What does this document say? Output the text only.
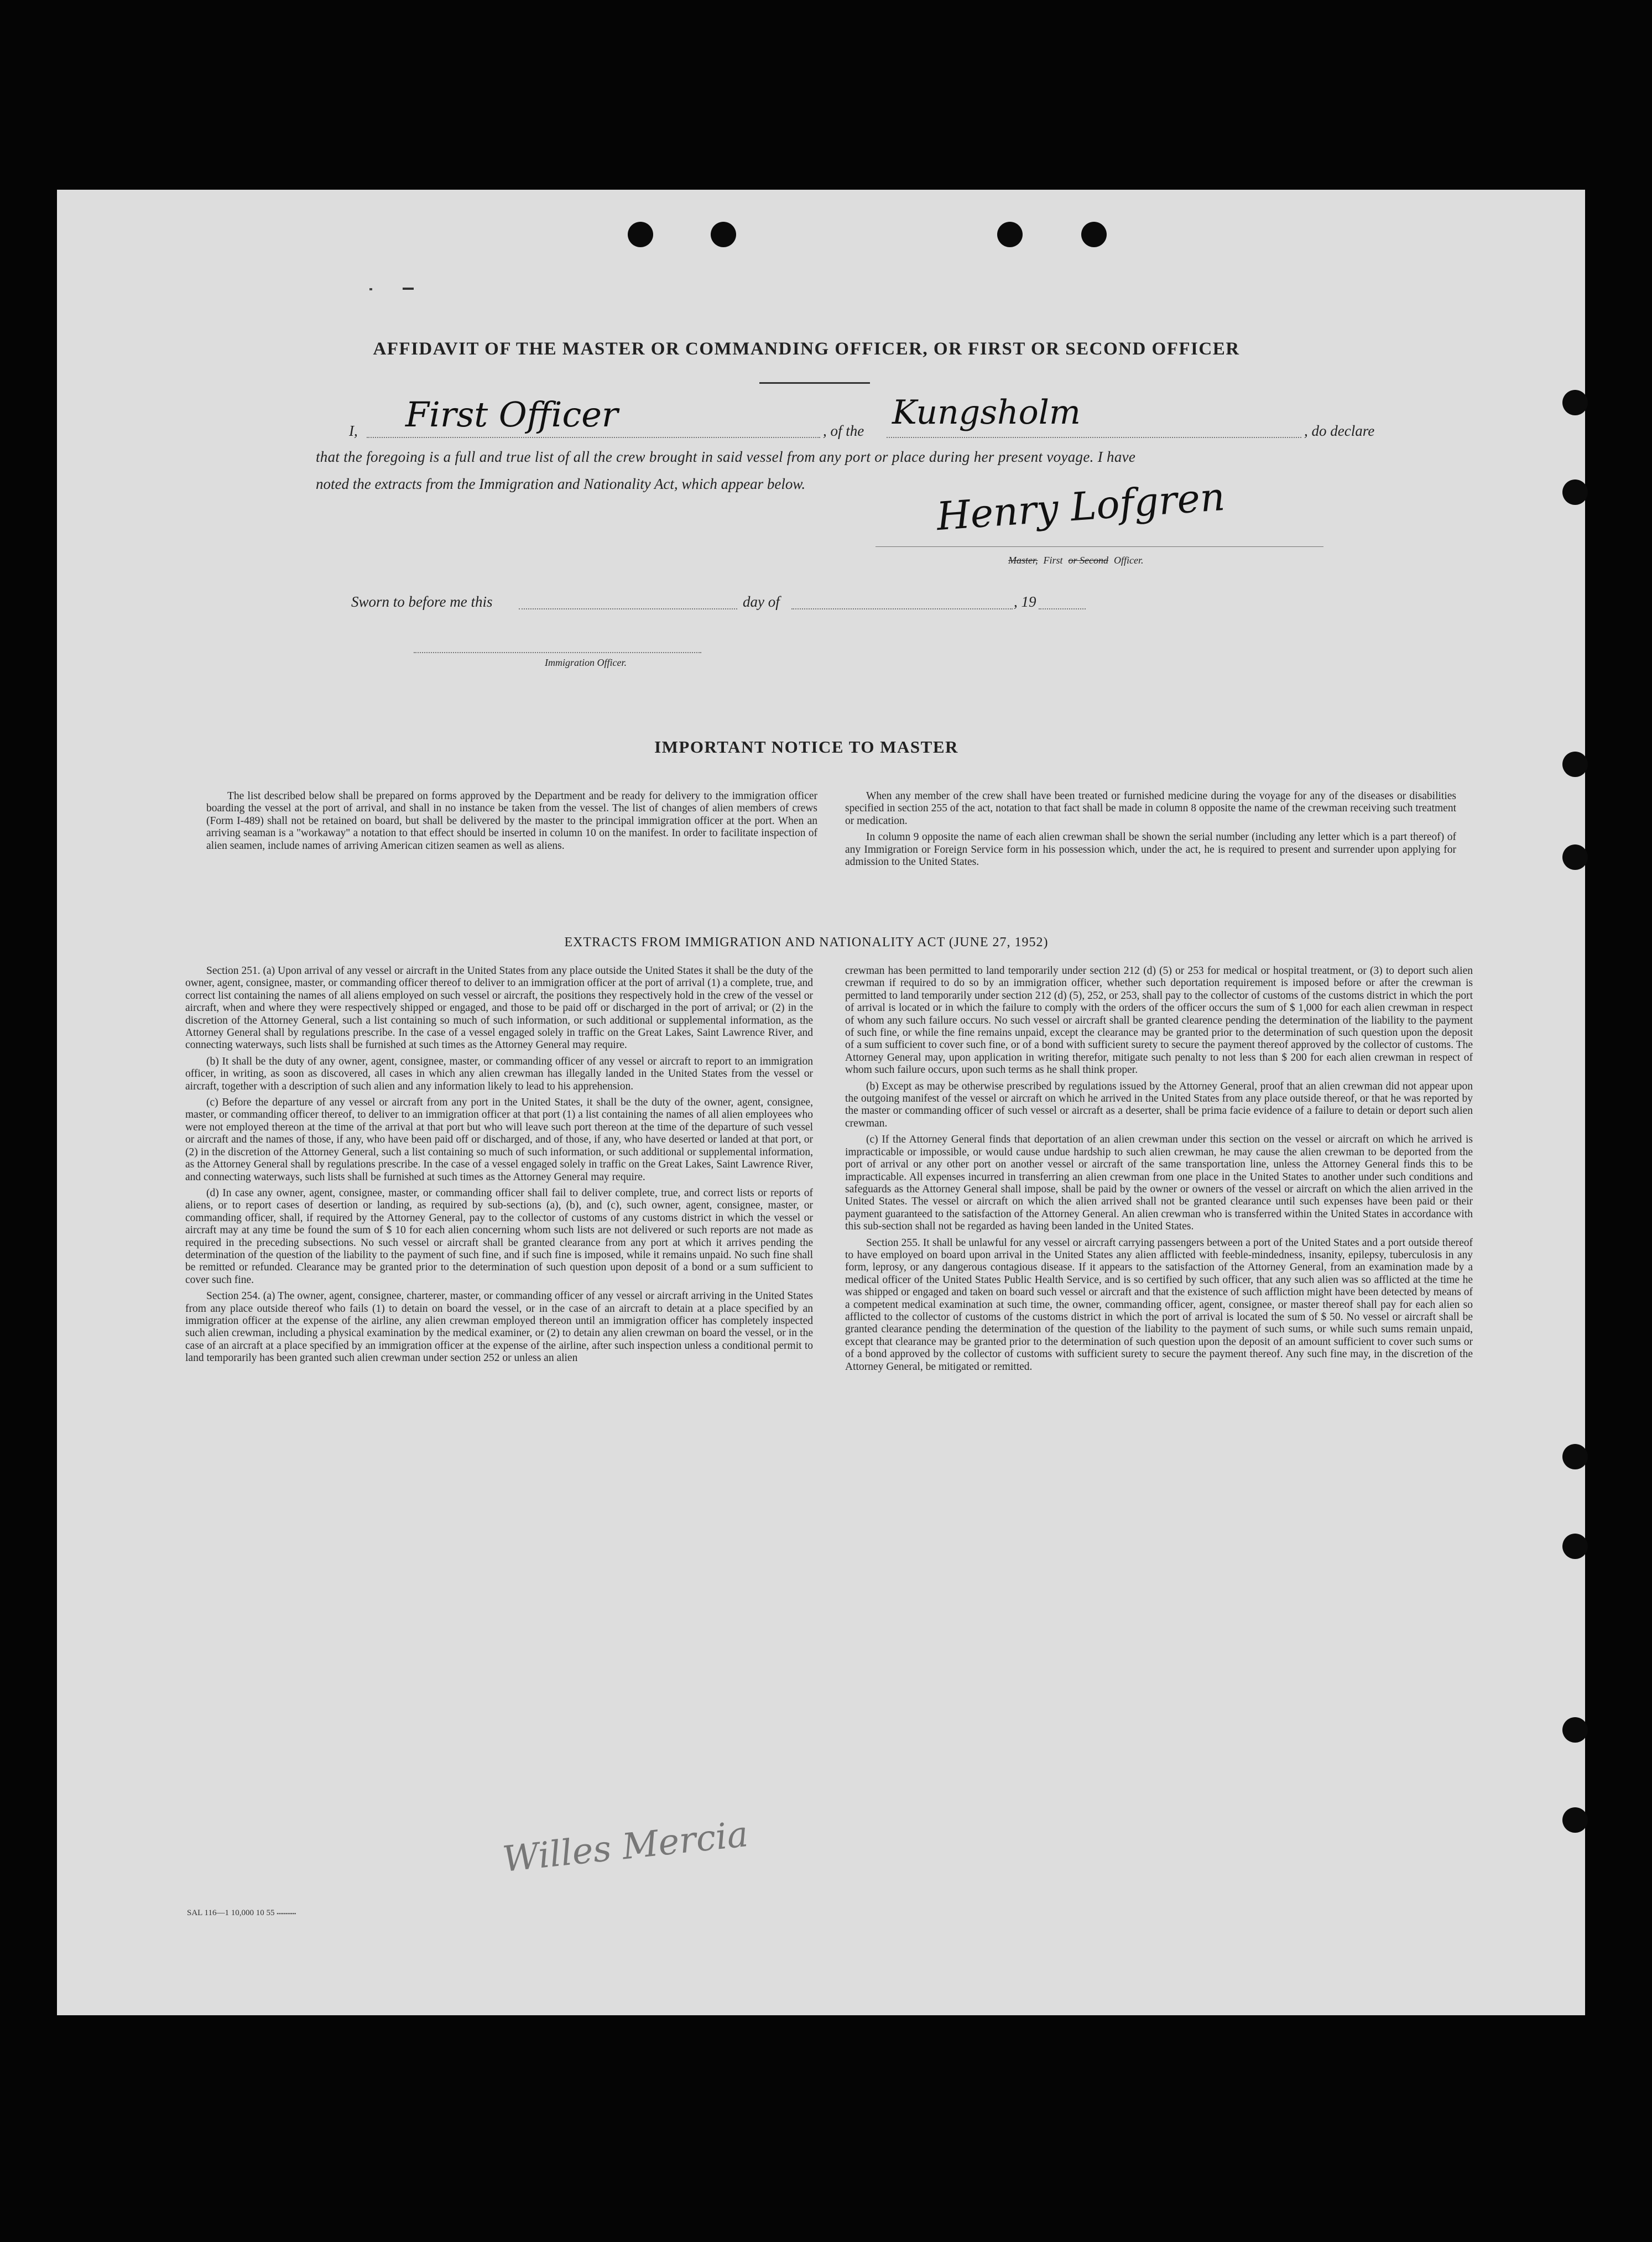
AFFIDAVIT OF THE MASTER OR COMMANDING OFFICER, OR FIRST OR SECOND OFFICER
I, First Officer	, of the Kungsholm	, do declare
that the foregoing is a full and true list of all the crew brought in said vessel from any port or place during her present voyage. I have
noted the extracts from the Immigration and Nationality Act, which appear below.	Henry Lofgren
Master, First or Second Officer.
Sworn to before me this	day of	, 19
Immigration Officer.
IMPORTANT NOTICE TO MASTER

The list described below shall be prepared on forms approved by the Department and be ready for delivery to the immigration officer boarding the vessel at the port of arrival, and shall in no instance be taken from the vessel. The list of changes of alien members of crews (Form I-489) shall not be retained on board, but shall be delivered by the master to the principal immigration officer at the port. When an arriving seaman is a "workaway" a notation to that effect should be inserted in column 10 on the manifest. In order to facilitate inspection of alien seamen, include names of arriving American citizen seamen as well as aliens.

When any member of the crew shall have been treated or furnished medicine during the voyage for any of the diseases or disabilities specified in section 255 of the act, notation to that fact shall be made in column 8 opposite the name of the crewman receiving such treatment or medication.

In column 9 opposite the name of each alien crewman shall be shown the serial number (including any letter which is a part thereof) of any Immigration or Foreign Service form in his possession which, under the act, he is required to present and surrender upon applying for admission to the United States.

EXTRACTS FROM IMMIGRATION AND NATIONALITY ACT (JUNE 27, 1952)

Section 251. (a) Upon arrival of any vessel or aircraft in the United States from any place outside the United States it shall be the duty of the owner, agent, consignee, master, or commanding officer thereof to deliver to an immigration officer at the port of arrival (1) a complete, true, and correct list containing the names of all aliens employed on such vessel or aircraft, the positions they respectively hold in the crew of the vessel or aircraft, when and where they were respectively shipped or engaged, and those to be paid off or discharged in the port of arrival; or (2) in the discretion of the Attorney General, such a list containing so much of such information, or such additional or supplemental information, as the Attorney General shall by regulations prescribe. In the case of a vessel engaged solely in traffic on the Great Lakes, Saint Lawrence River, and connecting waterways, such lists shall be furnished at such times as the Attorney General may require.

(b) It shall be the duty of any owner, agent, consignee, master, or commanding officer of any vessel or aircraft to report to an immigration officer, in writing, as soon as discovered, all cases in which any alien crewman has illegally landed in the United States from the vessel or aircraft, together with a description of such alien and any information likely to lead to his apprehension.

(c) Before the departure of any vessel or aircraft from any port in the United States, it shall be the duty of the owner, agent, consignee, master, or commanding officer thereof, to deliver to an immigration officer at that port (1) a list containing the names of all alien employees who were not employed thereon at the time of the arrival at that port but who will leave such port thereon at the time of the departure of such vessel or aircraft and the names of those, if any, who have been paid off or discharged, and of those, if any, who have deserted or landed at that port, or (2) in the discretion of the Attorney General, such a list containing so much of such information, or such additional or supplemental information, as the Attorney General shall by regulations prescribe. In the case of a vessel engaged solely in traffic on the Great Lakes, Saint Lawrence River, and connecting waterways, such lists shall be furnished at such times as the Attorney General may require.

(d) In case any owner, agent, consignee, master, or commanding officer shall fail to deliver complete, true, and correct lists or reports of aliens, or to report cases of desertion or landing, as required by sub-sections (a), (b), and (c), such owner, agent, consignee, master, or commanding officer, shall, if required by the Attorney General, pay to the collector of customs of any customs district in which the vessel or aircraft may at any time be found the sum of $ 10 for each alien concerning whom such lists are not delivered or such reports are not made as required in the preceding subsections. No such vessel or aircraft shall be granted clearance from any port at which it arrives pending the determination of the question of the liability to the payment of such fine, and if such fine is imposed, while it remains unpaid. No such fine shall be remitted or refunded. Clearance may be granted prior to the determination of such question upon deposit of a bond or a sum sufficient to cover such fine.

Section 254. (a) The owner, agent, consignee, charterer, master, or commanding officer of any vessel or aircraft arriving in the United States from any place outside thereof who fails (1) to detain on board the vessel, or in the case of an aircraft to detain at a place specified by an immigration officer at the expense of the airline, any alien crewman employed thereon until an immigration officer has completely inspected such alien crewman, including a physical examination by the medical examiner, or (2) to detain any alien crewman on board the vessel, or in the case of an aircraft at a place specified by an immigration officer at the expense of the airline, after such inspection unless a conditional permit to land temporarily has been granted such alien crewman under section 252 or unless an alien

crewman has been permitted to land temporarily under section 212 (d) (5) or 253 for medical or hospital treatment, or (3) to deport such alien crewman if required to do so by an immigration officer, whether such deportation requirement is imposed before or after the crewman is permitted to land temporarily under section 212 (d) (5), 252, or 253, shall pay to the collector of customs of the customs district in which the port of arrival is located or in which the failure to comply with the orders of the officer occurs the sum of $ 1,000 for each alien crewman in respect of whom any such failure occurs. No such vessel or aircraft shall be granted clearence pending the determination of the liability to the payment of such fine, or while the fine remains unpaid, except the clearance may be granted prior to the determination of such question upon the deposit of a sum sufficient to cover such fine, or of a bond with sufficient surety to secure the payment thereof approved by the collector of customs. The Attorney General may, upon application in writing therefor, mitigate such penalty to not less than $ 200 for each alien crewman in respect of whom such failure occurs, upon such terms as he shall think proper.

(b) Except as may be otherwise prescribed by regulations issued by the Attorney General, proof that an alien crewman did not appear upon the outgoing manifest of the vessel or aircraft on which he arrived in the United States from any place outside thereof, or that he was reported by the master or commanding officer of such vessel or aircraft as a deserter, shall be prima facie evidence of a failure to detain or deport such alien crewman.

(c) If the Attorney General finds that deportation of an alien crewman under this section on the vessel or aircraft on which he arrived is impracticable or impossible, or would cause undue hardship to such alien crewman, he may cause the alien crewman to be deported from the port of arrival or any other port on another vessel or aircraft of the same transportation line, unless the Attorney General finds this to be impracticable. All expenses incurred in transferring an alien crewman from one place in the United States to another under such conditions and safeguards as the Attorney General shall impose, shall be paid by the owner or owners of the vessel or aircraft on which the alien arrived in the United States. The vessel or aircraft on which the alien arrived shall not be granted clearance until such expenses have been paid or their payment guaranteed to the satisfaction of the Attorney General. An alien crewman who is transferred within the United States in accordance with this sub-section shall not be regarded as having been landed in the United States.

Section 255. It shall be unlawful for any vessel or aircraft carrying passengers between a port of the United States and a port outside thereof to have employed on board upon arrival in the United States any alien afflicted with feeble-mindedness, insanity, epilepsy, tuberculosis in any form, leprosy, or any dangerous contagious disease. If it appears to the satisfaction of the Attorney General, from an examination made by a medical officer of the United States Public Health Service, and is so certified by such officer, that any such alien was so afflicted at the time he was shipped or engaged and taken on board such vessel or aircraft and that the existence of such affliction might have been detected by means of a competent medical examination at such time, the owner, commanding officer, agent, consignee, or master thereof shall pay for each alien so afflicted to the collector of customs of the customs district in which the port of arrival is located the sum of $ 50. No vessel or aircraft shall be granted clearance pending the determination of the question of the liability to the payment of such sums, or while such sums remain unpaid, except that clearance may be granted prior to the determination of such question upon the deposit of an amount sufficient to cover such sums or of a bond approved by the collector of customs with sufficient surety to secure the payment thereof. Any such fine may, in the discretion of the Attorney General, be mitigated or remitted.

Willes Mercia
SAL 116—1 10,000 10 55 ▪▪▪▪▪▪▪▪▪▪▪
